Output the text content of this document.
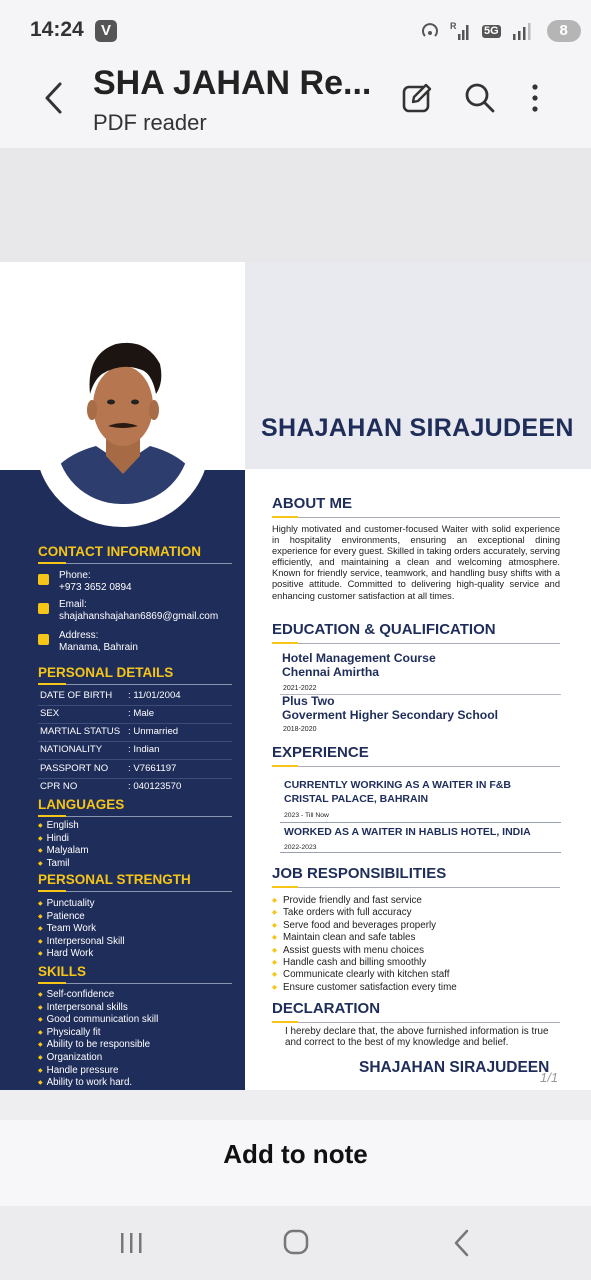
14:24	V	R	5G	8
SHA JAHAN Re...
PDF reader
SHAJAHAN SIRAJUDEEN
CONTACT INFORMATION
Phone:
+973 3652 0894
Email:
shajahanshajahan6869@gmail.com
Address:
Manama, Bahrain
PERSONAL DETAILS
DATE OF BIRTH : 11/01/2004
SEX	: Male
MARTIAL STATUS : Unmarried
NATIONALITY	: Indian
PASSPORT NO : V7661197
CPR NO	: 040123570
LANGUAGES
◆ English
◆ Hindi
◆ Malyalam
◆ Tamil
PERSONAL STRENGTH
◆ Punctuality
◆ Patience
◆ Team Work
◆ Interpersonal Skill
◆ Hard Work
SKILLS
◆ Self-confidence
◆ Interpersonal skills
◆ Good communication skill
◆ Physically fit
◆ Ability to be responsible
◆ Organization
◆ Handle pressure
◆ Ability to work hard.
ABOUT ME

Highly motivated and customer-focused Waiter with solid experience in hospitality environments, ensuring an exceptional dining experience for every guest. Skilled in taking orders accurately, serving efficiently, and maintaining a clean and welcoming atmosphere. Known for friendly service, teamwork, and handling busy shifts with a positive attitude. Committed to delivering high-quality service and enhancing customer satisfaction at all times.

EDUCATION & QUALIFICATION
Hotel Management Course
Chennai Amirtha
2021-2022
Plus Two
Goverment Higher Secondary School
2018-2020
EXPERIENCE
CURRENTLY WORKING AS A WAITER IN F&B CRISTAL PALACE, BAHRAIN
2023 - Till Now
WORKED AS A WAITER IN HABLIS HOTEL, INDIA
2022-2023
JOB RESPONSIBILITIES
◆ Provide friendly and fast service
◆ Take orders with full accuracy
◆ Serve food and beverages properly
◆ Maintain clean and safe tables
◆ Assist guests with menu choices
◆ Handle cash and billing smoothly
◆ Communicate clearly with kitchen staff
◆ Ensure customer satisfaction every time
DECLARATION

I hereby declare that, the above furnished information is true and correct to the best of my knowledge and belief.

SHAJAHAN SIRAJUDEEN
1/1
Add to note
